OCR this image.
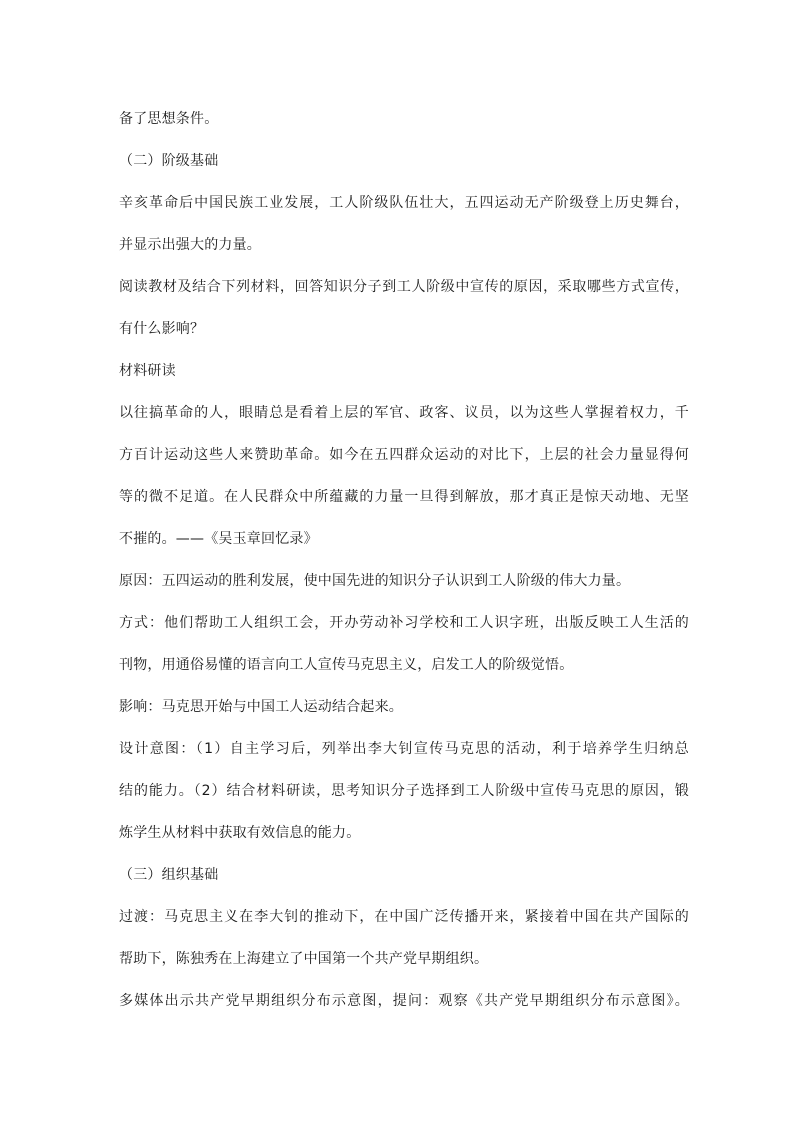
备了思想条件。
（二）阶级基础
辛亥革命后中国民族工业发展，工人阶级队伍壮大，五四运动无产阶级登上历史舞台，
并显示出强大的力量。
阅读教材及结合下列材料，回答知识分子到工人阶级中宣传的原因，采取哪些方式宣传，
有什么影响？
材料研读
以往搞革命的人，眼睛总是看着上层的军官、政客、议员，以为这些人掌握着权力，千
方百计运动这些人来赞助革命。如今在五四群众运动的对比下，上层的社会力量显得何
等的微不足道。在人民群众中所蕴藏的力量一旦得到解放，那才真正是惊天动地、无坚
不摧的。——《吴玉章回忆录》
原因：五四运动的胜利发展，使中国先进的知识分子认识到工人阶级的伟大力量。
方式：他们帮助工人组织工会，开办劳动补习学校和工人识字班，出版反映工人生活的
刊物，用通俗易懂的语言向工人宣传马克思主义，启发工人的阶级觉悟。
影响：马克思开始与中国工人运动结合起来。
设计意图：（1）自主学习后，列举出李大钊宣传马克思的活动，利于培养学生归纳总
结的能力。（2）结合材料研读，思考知识分子选择到工人阶级中宣传马克思的原因，锻
炼学生从材料中获取有效信息的能力。
（三）组织基础
过渡：马克思主义在李大钊的推动下，在中国广泛传播开来，紧接着中国在共产国际的
帮助下，陈独秀在上海建立了中国第一个共产党早期组织。
多媒体出示共产党早期组织分布示意图，提问：观察《共产党早期组织分布示意图》。
